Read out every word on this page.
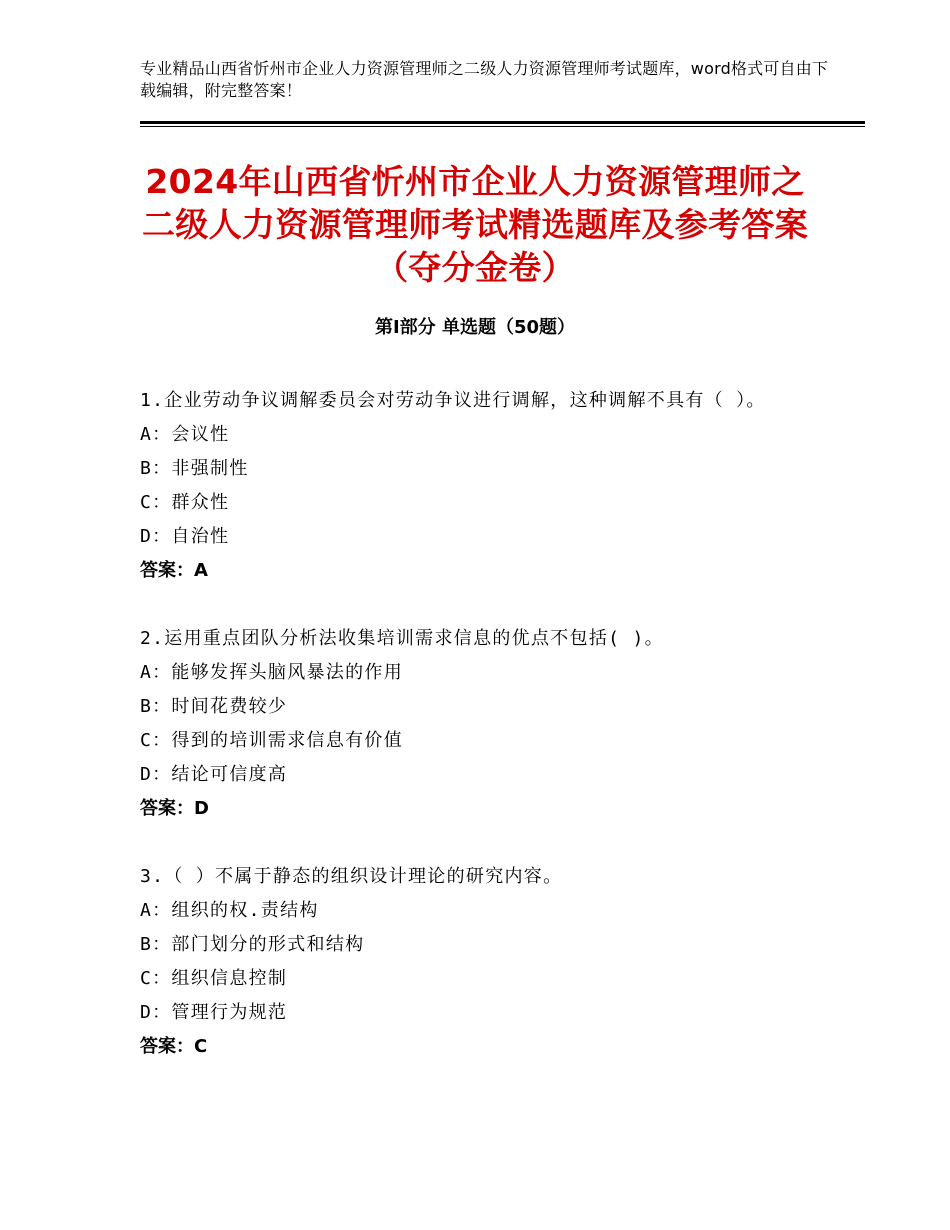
专业精品山西省忻州市企业人力资源管理师之二级人力资源管理师考试题库，word格式可自由下载编辑，附完整答案！
2024年山西省忻州市企业人力资源管理师之二级人力资源管理师考试精选题库及参考答案（夺分金卷）
第Ⅰ部分 单选题（50题）

1.企业劳动争议调解委员会对劳动争议进行调解，这种调解不具有（ ）。

A：会议性

B：非强制性

C：群众性

D：自治性

答案：A

2.运用重点团队分析法收集培训需求信息的优点不包括( )。

A：能够发挥头脑风暴法的作用

B：时间花费较少

C：得到的培训需求信息有价值

D：结论可信度高

答案：D

3.（ ）不属于静态的组织设计理论的研究内容。

A：组织的权.责结构

B：部门划分的形式和结构

C：组织信息控制

D：管理行为规范

答案：C
